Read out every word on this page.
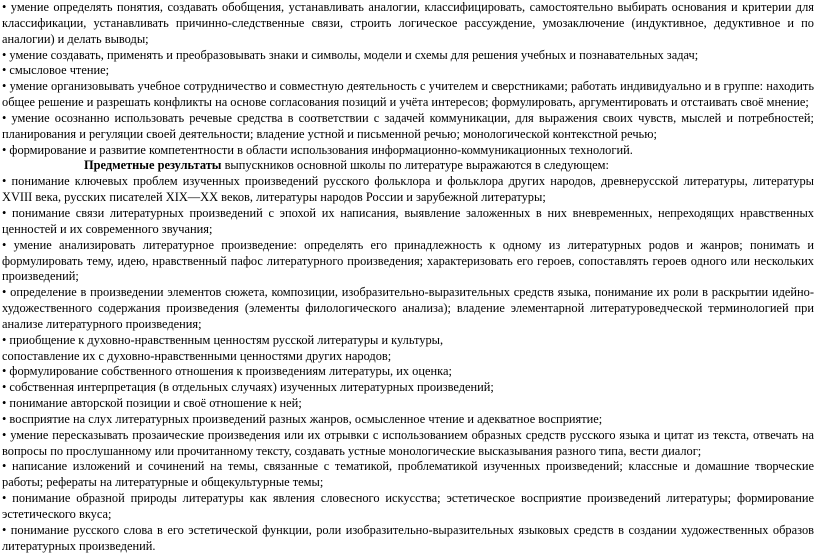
• умение определять понятия, создавать обобщения, устанавливать аналогии, классифицировать, самостоятельно выбирать основания и критерии для классификации, устанавливать причинно-следственные связи, строить логическое рассуждение, умозаключение (индуктивное, дедуктивное и по аналогии) и делать выводы;

• умение создавать, применять и преобразовывать знаки и символы, модели и схемы для решения учебных и познавательных задач;

• смысловое чтение;

• умение организовывать учебное сотрудничество и совместную деятельность с учителем и сверстниками; работать индивидуально и в группе: находить общее решение и разрешать конфликты на основе согласования позиций и учёта интересов; формулировать, аргументировать и отстаивать своё мнение;

• умение осознанно использовать речевые средства в соответствии с задачей коммуникации, для выражения своих чувств, мыслей и потребностей; планирования и регуляции своей деятельности; владение устной и письменной речью; монологической контекстной речью;

• формирование и развитие компетентности в области использования информационно-коммуникационных технологий.

Предметные результаты выпускников основной школы по литературе выражаются в следующем:

• понимание ключевых проблем изученных произведений русского фольклора и фольклора других народов, древнерусской литературы, литературы XVIII века, русских писателей XIX—XX веков, литературы народов России и зарубежной литературы;

• понимание связи литературных произведений с эпохой их написания, выявление заложенных в них вневременных, непреходящих нравственных ценностей и их современного звучания;

• умение анализировать литературное произведение: определять его принадлежность к одному из литературных родов и жанров; понимать и формулировать тему, идею, нравственный пафос литературного произведения; характеризовать его героев, сопоставлять героев одного или нескольких произведений;

• определение в произведении элементов сюжета, композиции, изобразительно-выразительных средств языка, понимание их роли в раскрытии идейно-художественного содержания произведения (элементы филологического анализа); владение элементарной литературоведческой терминологией при анализе литературного произведения;

• приобщение к духовно-нравственным ценностям русской литературы и культуры,

сопоставление их с духовно-нравственными ценностями других народов;

• формулирование собственного отношения к произведениям литературы, их оценка;

• собственная интерпретация (в отдельных случаях) изученных литературных произведений;

• понимание авторской позиции и своё отношение к ней;

• восприятие на слух литературных произведений разных жанров, осмысленное чтение и адекватное восприятие;

• умение пересказывать прозаические произведения или их отрывки с использованием образных средств русского языка и цитат из текста, отвечать на вопросы по прослушанному или прочитанному тексту, создавать устные монологические высказывания разного типа, вести диалог;

• написание изложений и сочинений на темы, связанные с тематикой, проблематикой изученных произведений; классные и домашние творческие работы; рефераты на литературные и общекультурные темы;

• понимание образной природы литературы как явления словесного искусства; эстетическое восприятие произведений литературы; формирование эстетического вкуса;

• понимание русского слова в его эстетической функции, роли изобразительно-выразительных языковых средств в создании художественных образов литературных произведений.
